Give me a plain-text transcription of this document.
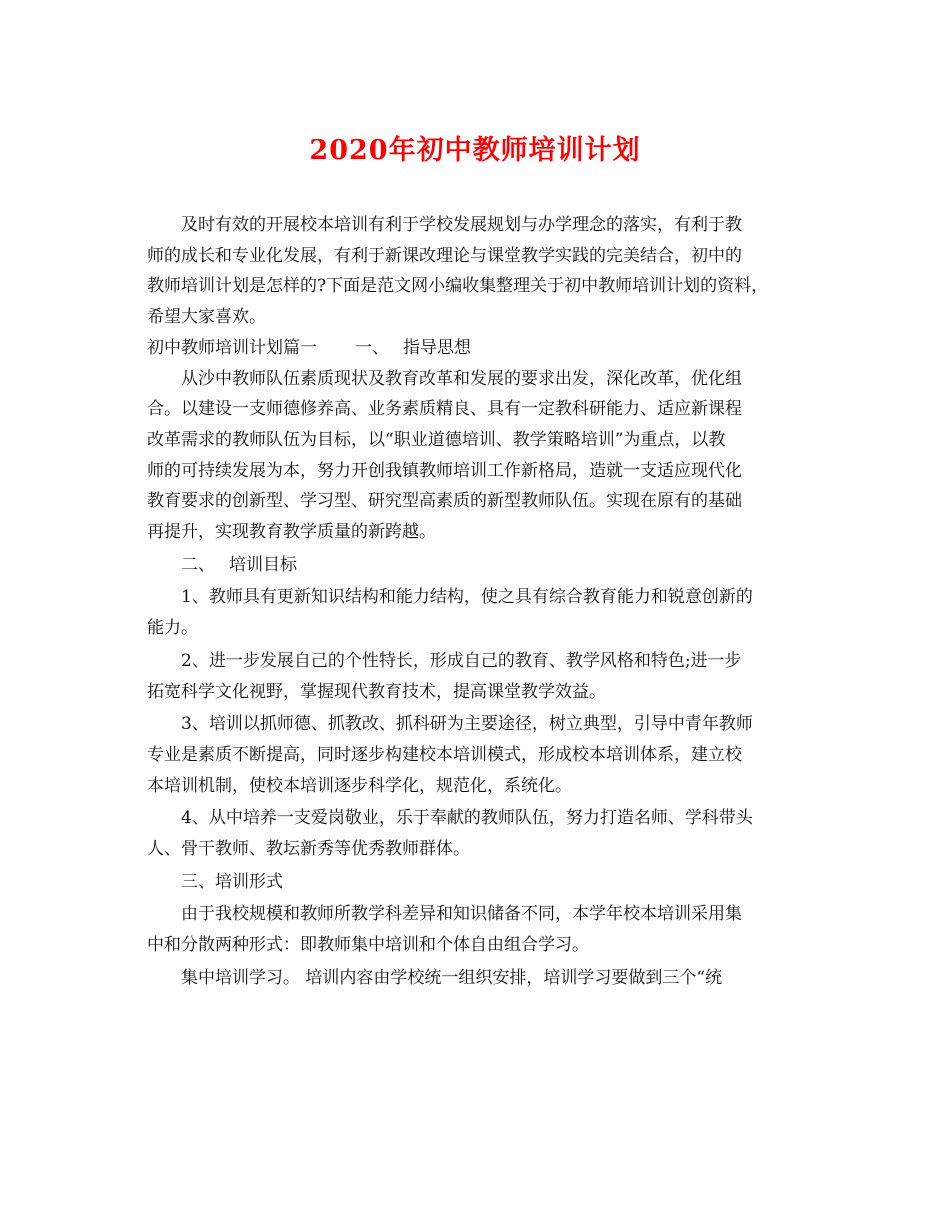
2020年初中教师培训计划

及时有效的开展校本培训有利于学校发展规划与办学理念的落实，有利于教
师的成长和专业化发展，有利于新课改理论与课堂教学实践的完美结合，初中的
教师培训计划是怎样的?下面是范文网小编收集整理关于初中教师培训计划的资料，
希望大家喜欢。

初中教师培训计划篇一 一、 指导思想

从沙中教师队伍素质现状及教育改革和发展的要求出发，深化改革，优化组
合。以建设一支师德修养高、业务素质精良、具有一定教科研能力、适应新课程
改革需求的教师队伍为目标，以“职业道德培训、教学策略培训”为重点，以教
师的可持续发展为本，努力开创我镇教师培训工作新格局，造就一支适应现代化
教育要求的创新型、学习型、研究型高素质的新型教师队伍。实现在原有的基础
再提升，实现教育教学质量的新跨越。

二、 培训目标

1、教师具有更新知识结构和能力结构，使之具有综合教育能力和锐意创新的
能力。

2、进一步发展自己的个性特长，形成自己的教育、教学风格和特色;进一步
拓宽科学文化视野，掌握现代教育技术，提高课堂教学效益。

3、培训以抓师德、抓教改、抓科研为主要途径，树立典型，引导中青年教师
专业是素质不断提高，同时逐步构建校本培训模式，形成校本培训体系，建立校
本培训机制，使校本培训逐步科学化，规范化，系统化。

4、从中培养一支爱岗敬业，乐于奉献的教师队伍，努力打造名师、学科带头
人、骨干教师、教坛新秀等优秀教师群体。

三、培训形式

由于我校规模和教师所教学科差异和知识储备不同，本学年校本培训采用集
中和分散两种形式：即教师集中培训和个体自由组合学习。

集中培训学习。 培训内容由学校统一组织安排，培训学习要做到三个“统
